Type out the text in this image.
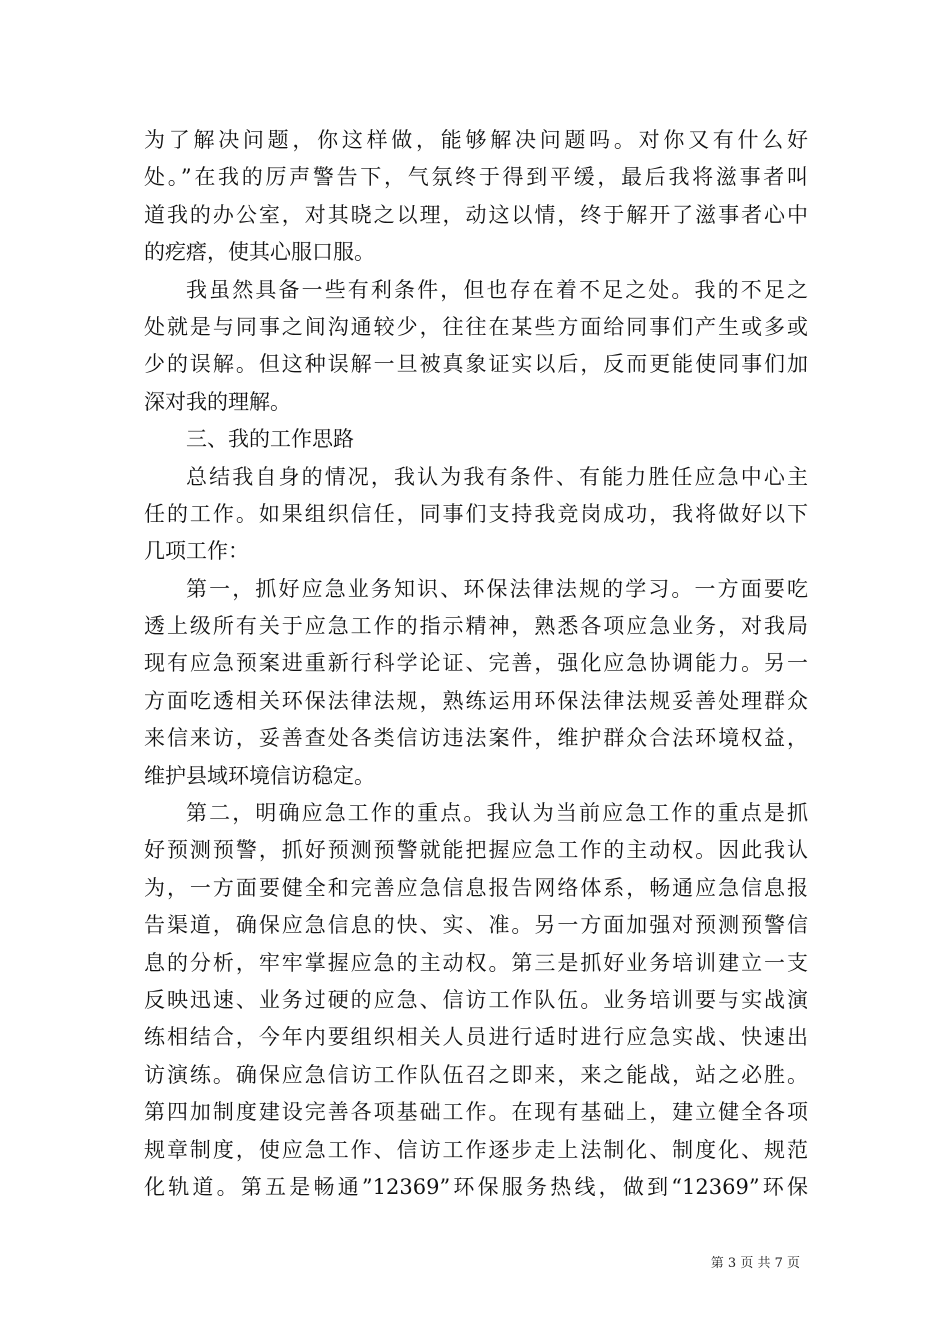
为了解决问题，你这样做，能够解决问题吗。对你又有什么好
处。”在我的厉声警告下，气氛终于得到平缓，最后我将滋事者叫
道我的办公室，对其晓之以理，动这以情，终于解开了滋事者心中
的疙瘩，使其心服口服。
我虽然具备一些有利条件，但也存在着不足之处。我的不足之
处就是与同事之间沟通较少，往往在某些方面给同事们产生或多或
少的误解。但这种误解一旦被真象证实以后，反而更能使同事们加
深对我的理解。
三、我的工作思路
总结我自身的情况，我认为我有条件、有能力胜任应急中心主
任的工作。如果组织信任，同事们支持我竞岗成功，我将做好以下
几项工作：
第一，抓好应急业务知识、环保法律法规的学习。一方面要吃
透上级所有关于应急工作的指示精神，熟悉各项应急业务，对我局
现有应急预案进重新行科学论证、完善，强化应急协调能力。另一
方面吃透相关环保法律法规，熟练运用环保法律法规妥善处理群众
来信来访，妥善查处各类信访违法案件，维护群众合法环境权益，
维护县域环境信访稳定。
第二，明确应急工作的重点。我认为当前应急工作的重点是抓
好预测预警，抓好预测预警就能把握应急工作的主动权。因此我认
为，一方面要健全和完善应急信息报告网络体系，畅通应急信息报
告渠道，确保应急信息的快、实、准。另一方面加强对预测预警信
息的分析，牢牢掌握应急的主动权。第三是抓好业务培训建立一支
反映迅速、业务过硬的应急、信访工作队伍。业务培训要与实战演
练相结合，今年内要组织相关人员进行适时进行应急实战、快速出
访演练。确保应急信访工作队伍召之即来，来之能战，站之必胜。
第四加制度建设完善各项基础工作。在现有基础上，建立健全各项
规章制度，使应急工作、信访工作逐步走上法制化、制度化、规范
化轨道。第五是畅通”12369”环保服务热线，做到“12369”环保
第 3 页 共 7 页
